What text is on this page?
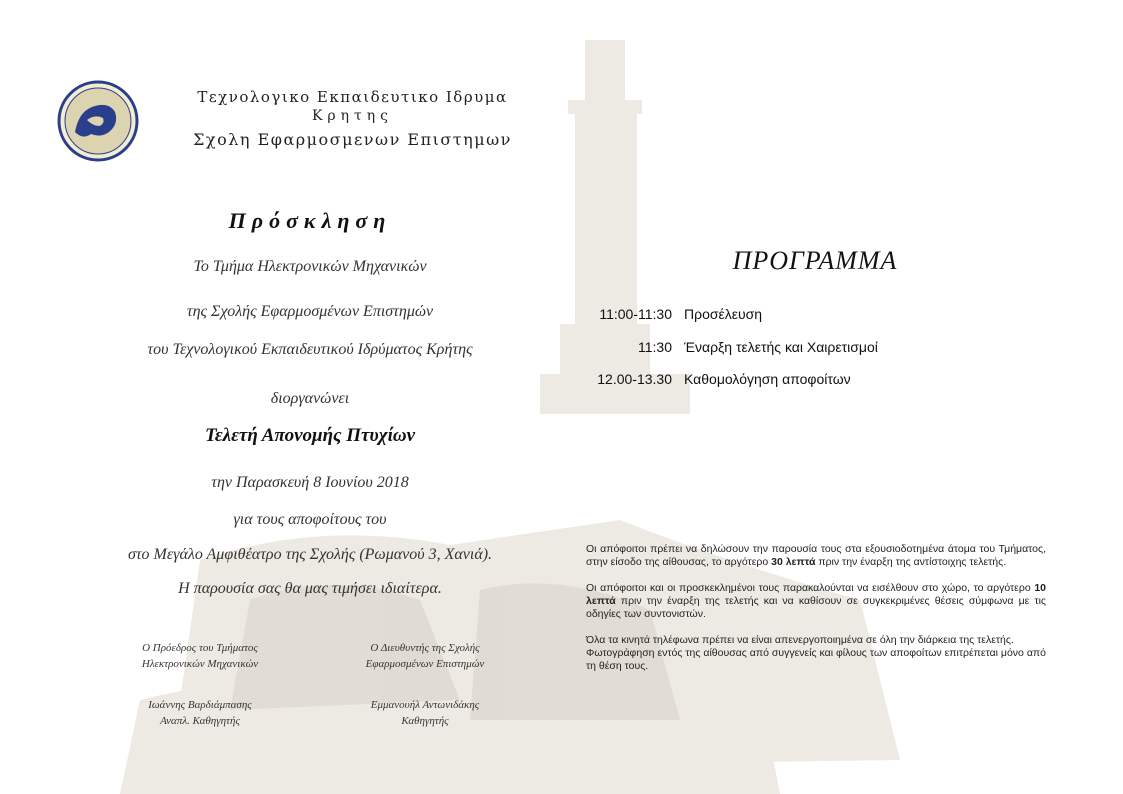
Τεχνολογικο Εκπαιδευτικο Ιδρυμα
Κρητης
Σχολη Εφαρμοσμενων Επιστημων
Πρόσκληση
Το Τμήμα Ηλεκτρονικών Μηχανικών
της Σχολής Εφαρμοσμένων Επιστημών
του Τεχνολογικού Εκπαιδευτικού Ιδρύματος Κρήτης
διοργανώνει
Τελετή Απονομής Πτυχίων
την Παρασκευή 8 Ιουνίου 2018
για τους αποφοίτους του
στο Μεγάλο Αμφιθέατρο της Σχολής (Ρωμανού 3, Χανιά).
Η παρουσία σας θα μας τιμήσει ιδιαίτερα.
Ο Πρόεδρος του Τμήματος
Ηλεκτρονικών Μηχανικών
Ο Διευθυντής της Σχολής
Εφαρμοσμένων Επιστημών
Ιωάννης Βαρδιάμπασης
Αναπλ. Καθηγητής
Εμμανουήλ Αντωνιδάκης
Καθηγητής
ΠΡΟΓΡΑΜΜΑ
11:00-11:30 Προσέλευση
11:30 Έναρξη τελετής και Χαιρετισμοί
12.00-13.30 Καθομολόγηση αποφοίτων

Οι απόφοιτοι πρέπει να δηλώσουν την παρουσία τους στα εξουσιοδοτημένα άτομα του Τμήματος, στην είσοδο της αίθουσας, το αργότερο 30 λεπτά πριν την έναρξη της αντίστοιχης τελετής.

Οι απόφοιτοι και οι προσκεκλημένοι τους παρακαλούνται να εισέλθουν στο χώρο, το αργότερο 10 λεπτά πριν την έναρξη της τελετής και να καθίσουν σε συγκεκριμένες θέσεις σύμφωνα με τις οδηγίες των συντονιστών.

Όλα τα κινητά τηλέφωνα πρέπει να είναι απενεργοποιημένα σε όλη την διάρκεια της τελετής.

Φωτογράφηση εντός της αίθουσας από συγγενείς και φίλους των αποφοίτων επιτρέπεται μόνο από τη θέση τους.
